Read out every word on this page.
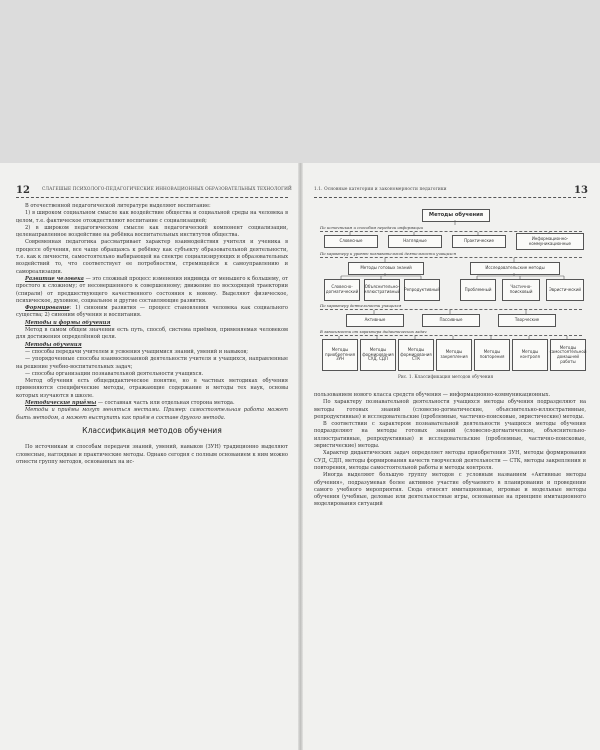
12	СЛАГЕШЫЕ ПСИХОЛОГО-ПЕДАГОГИЧЕСКИЕ ИННОВАЦИОННЫХ ОБРАЗОВАТЕЛЬНЫХ ТЕХНОЛОГИЙ

В отечественной педагогической литературе выделяют воспитание:

1) в широком социальном смысле как воздействие общества и социальной среды на человека в целом, т.е. фактическое отождествляют воспитание с социализацией;

2) в широком педагогическом смысле как педагогический компонент социализации, целенаправленное воздействие на ребёнка воспитательных институтов общества.

Современная педагогика рассматривает характер взаимодействия учителя и ученика в процессе обучения, все чаще обращаясь к ребёнку как субъекту образовательной деятельности, т.е. как к личности, самостоятельно выбирающей на спектре социализирующих и образовательных воздействий то, что соответствует ее потребностям, стремящейся к самоуправлению и самореализации.

Развитие человека — это сложный процесс изменения индивида от меньшего к большему, от простого к сложному; от несовершенного к совершенному; движение по восходящей траектории (спирали) от предшествующего качественного состояния к новому. Выделяют физическое, психическое, духовное, социальное и другие составляющие развития.

Формирование: 1) синоним развития — процесс становления человека как социального существа; 2) синоним обучения и воспитания.

Методы и формы обучения

Метод в самом общем значении есть путь, способ, система приёмов, применяемая человеком для достижения определённой цели.

Методы обучения

— способы передачи учителем и усвоения учащимися знаний, умений и навыков;

— упорядоченные способы взаимосвязанной деятельности учителя и учащихся, направленные на решение учебно-воспитательных задач;

— способы организации познавательной деятельности учащихся.

Метод обучения есть общедидактическое понятие, но в частных методиках обучения применяются специфические методы, отражающие содержание и методы тех наук, основы которых изучаются в школе.

Методические приёмы — составная часть или отдельная сторона метода.

Методы и приёмы могут меняться местами. Пример: самостоятельная работа может быть методом, а может выступать как приём в составе другого метода.

Классификация методов обучения

По источникам и способам передачи знаний, умений, навыков (ЗУН) традиционно выделяют словесные, наглядные и практические методы. Однако сегодня с полным основанием к ним можно отнести группу методов, основанных на ис-

1.1. Основные категории и закономерности педагогики	13
Методы обучения
По источникам и способам передачи информации
Словесные	Наглядные	Практические	Информационно-коммуникационные
По характеру и уровню познавательной деятельности учащихся
Методы готовых знаний	Исследовательские методы
Словесно-догматический
Объяснительно-иллюстративный Репродуктивный	Проблемный	Частично-поисковый	Эвристический
По характеру деятельности учащихся
Активные	Пассивные	Творческие
В зависимости от характера дидактических задач
Методы приобретения ЗУН
Методы формирования СУД, СДП
Методы формирования СТК
Методы закрепления
Методы повторения
Методы контроля
Методы самостоятельной домашней работы
Рис. 1. Классификация методов обучения

пользованием нового класса средств обучения — информационно-коммуникационных.

По характеру познавательной деятельности учащихся методы обучения подразделяют на методы готовых знаний (словесно-догматические, объяснительно-иллюстративные, репродуктивные) и исследовательские (проблемные, частично-поисковые, эвристические) методы.

В соответствии с характером познавательной деятельности учащихся методы обучения подразделяют на методы готовых знаний (словесно-догматические, объяснительно-иллюстративные, репродуктивные) и исследовательские (проблемные, частично-поисковые, эвристические) методы.

Характер дидактических задач определяет методы приобретения ЗУН, методы формирования СУД, СДП, методы формирования качеств творческой деятельности — СТК, методы закрепления и повторения, методы самостоятельной работы и методы контроля.

Иногда выделяют большую группу методов с условным названием «Активные методы обучения», подразумевая более активное участие обучаемого в планировании и проведении самого учебного мероприятия. Сюда относят имитационные, игровые и модельные методы обучения (учебные, деловые или деятельностные игры, основанные на принципе имитационного моделирования ситуаций
